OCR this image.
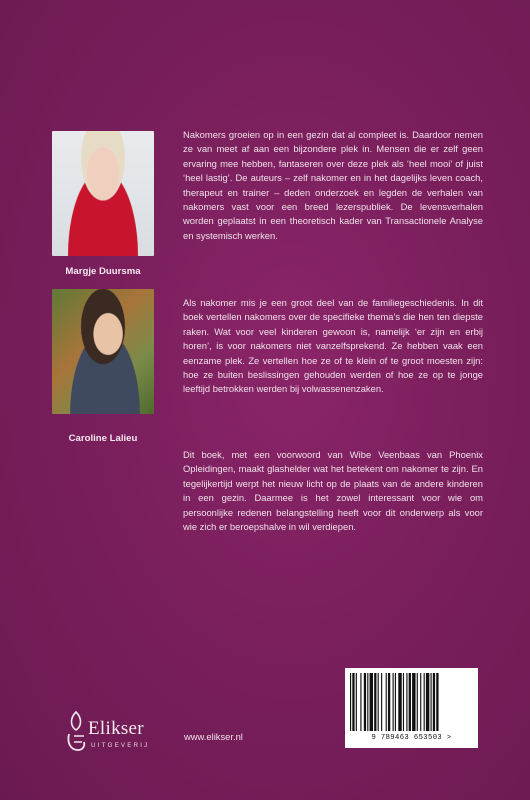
Margje Duursma
Caroline Lalieu

Nakomers groeien op in een gezin dat al compleet is. Daardoor nemen ze van meet af aan een bijzondere plek in. Mensen die er zelf geen ervaring mee hebben, fantaseren over deze plek als ‘heel mooi’ of juist ‘heel lastig’. De auteurs – zelf nakomer en in het dagelijks leven coach, therapeut en trainer – deden onderzoek en legden de verhalen van nakomers vast voor een breed lezerspubliek. De levensverhalen worden geplaatst in een theoretisch kader van Transactionele Analyse en systemisch werken.

Als nakomer mis je een groot deel van de familiegeschiedenis. In dit boek vertellen nakomers over de specifieke thema’s die hen ten diepste raken. Wat voor veel kinderen gewoon is, namelijk ‘er zijn en erbij horen’, is voor nakomers niet vanzelfsprekend. Ze hebben vaak een eenzame plek. Ze vertellen hoe ze of te klein of te groot moesten zijn: hoe ze buiten beslissingen gehouden werden of hoe ze op te jonge leeftijd betrokken werden bij volwassenenzaken.

Dit boek, met een voorwoord van Wibe Veenbaas van Phoenix Opleidingen, maakt glashelder wat het betekent om nakomer te zijn. En tegelijkertijd werpt het nieuw licht op de plaats van de andere kinderen in een gezin. Daarmee is het zowel interessant voor wie om persoonlijke redenen belangstelling heeft voor dit onderwerp als voor wie zich er beroepshalve in wil verdiepen.

Elikser
UITGEVERIJ
www.elikser.nl	9 789463 653503 >
